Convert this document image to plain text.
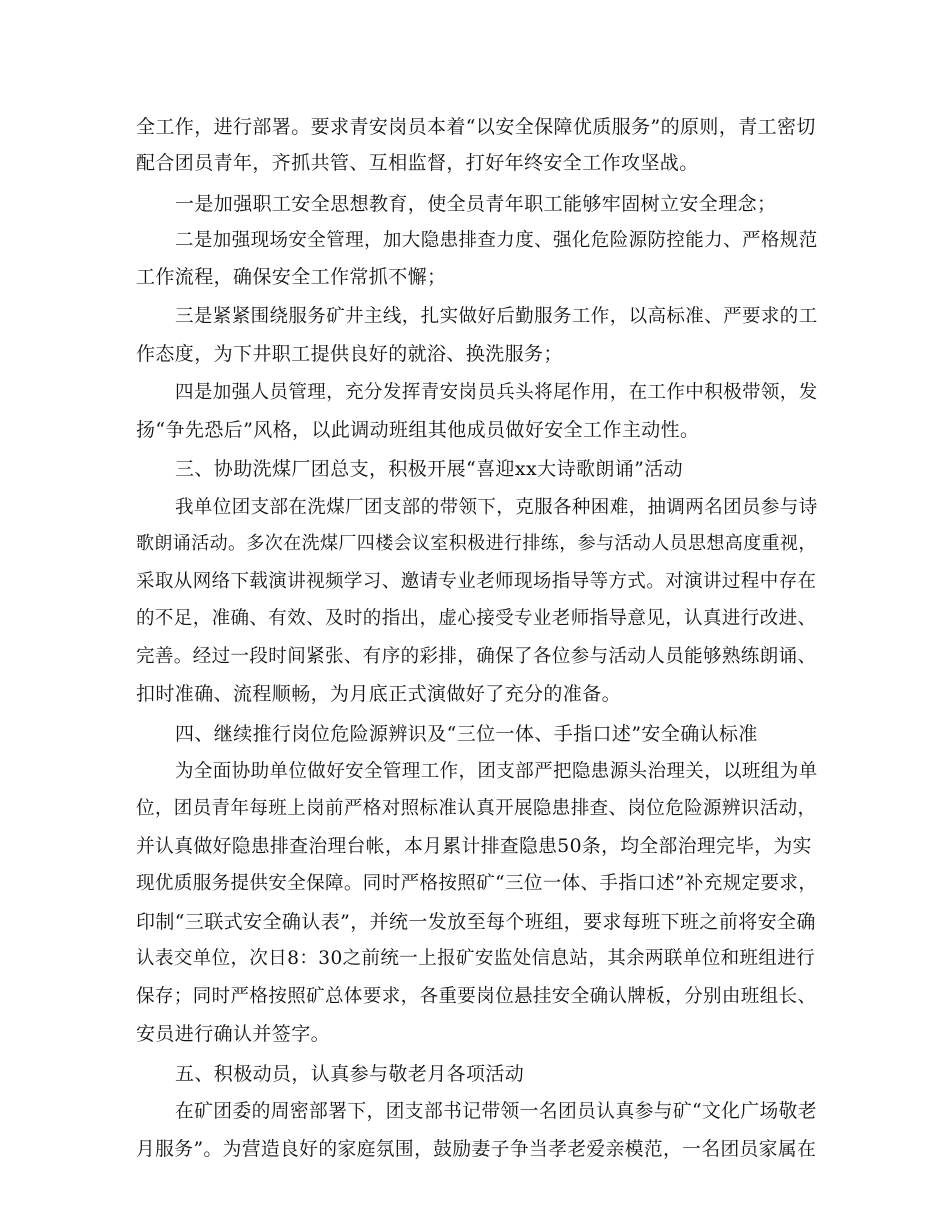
全工作，进行部署。要求青安岗员本着“以安全保障优质服务”的原则，青工密切
配合团员青年，齐抓共管、互相监督，打好年终安全工作攻坚战。
一是加强职工安全思想教育，使全员青年职工能够牢固树立安全理念；
二是加强现场安全管理，加大隐患排查力度、强化危险源防控能力、严格规范
工作流程，确保安全工作常抓不懈；
三是紧紧围绕服务矿井主线，扎实做好后勤服务工作，以高标准、严要求的工
作态度，为下井职工提供良好的就浴、换洗服务；
四是加强人员管理，充分发挥青安岗员兵头将尾作用，在工作中积极带领，发
扬“争先恐后”风格，以此调动班组其他成员做好安全工作主动性。
三、协助洗煤厂团总支，积极开展“喜迎xx大诗歌朗诵”活动
我单位团支部在洗煤厂团支部的带领下，克服各种困难，抽调两名团员参与诗
歌朗诵活动。多次在洗煤厂四楼会议室积极进行排练，参与活动人员思想高度重视，
采取从网络下载演讲视频学习、邀请专业老师现场指导等方式。对演讲过程中存在
的不足，准确、有效、及时的指出，虚心接受专业老师指导意见，认真进行改进、
完善。经过一段时间紧张、有序的彩排，确保了各位参与活动人员能够熟练朗诵、
扣时准确、流程顺畅，为月底正式演做好了充分的准备。
四、继续推行岗位危险源辨识及“三位一体、手指口述”安全确认标准
为全面协助单位做好安全管理工作，团支部严把隐患源头治理关，以班组为单
位，团员青年每班上岗前严格对照标准认真开展隐患排查、岗位危险源辨识活动，
并认真做好隐患排查治理台帐，本月累计排查隐患50条，均全部治理完毕，为实
现优质服务提供安全保障。同时严格按照矿“三位一体、手指口述”补充规定要求，
印制“三联式安全确认表”，并统一发放至每个班组，要求每班下班之前将安全确
认表交单位，次日8：30之前统一上报矿安监处信息站，其余两联单位和班组进行
保存；同时严格按照矿总体要求，各重要岗位悬挂安全确认牌板，分别由班组长、
安员进行确认并签字。
五、积极动员，认真参与敬老月各项活动
在矿团委的周密部署下，团支部书记带领一名团员认真参与矿“文化广场敬老
月服务”。为营造良好的家庭氛围，鼓励妻子争当孝老爱亲模范，一名团员家属在
